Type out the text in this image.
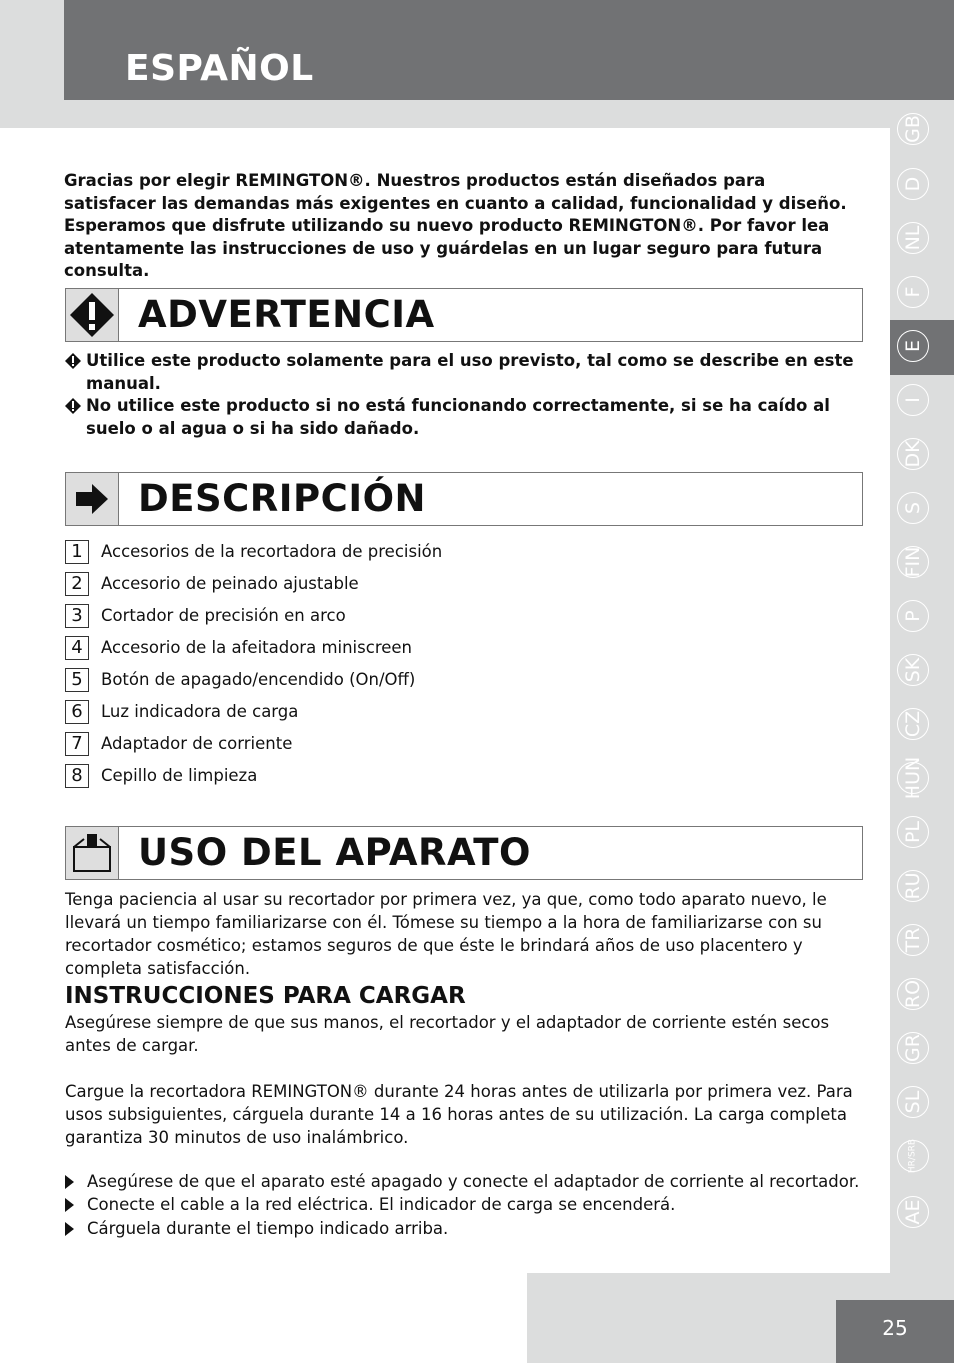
ESPAÑOL
GB
D
NL
F
E
I
DK
S
FIN
P
SK
CZ
HUN
PL
RU
TR
RO
GR
SL
HR/SRB
AE
Gracias por elegir REMINGTON®. Nuestros productos están diseñados para satisfacer las demandas más exigentes en cuanto a calidad, funcionalidad y diseño. Esperamos que disfrute utilizando su nuevo producto REMINGTON®. Por favor lea atentamente las instrucciones de uso y guárdelas en un lugar seguro para futura consulta.
ADVERTENCIA
Utilice este producto solamente para el uso previsto, tal como se describe en este manual.
No utilice este producto si no está funcionando correctamente, si se ha caído al suelo o al agua o si ha sido dañado.
DESCRIPCIÓN
1	Accesorios de la recortadora de precisión
2	Accesorio de peinado ajustable
3	Cortador de precisión en arco
4	Accesorio de la afeitadora miniscreen
5	Botón de apagado/encendido (On/Off)
6	Luz indicadora de carga
7	Adaptador de corriente
8	Cepillo de limpieza
USO DEL APARATO
Tenga paciencia al usar su recortador por primera vez, ya que, como todo aparato nuevo, le llevará un tiempo familiarizarse con él. Tómese su tiempo a la hora de familiarizarse con su recortador cosmético; estamos seguros de que éste le brindará años de uso placentero y completa satisfacción.
INSTRUCCIONES PARA CARGAR
Asegúrese siempre de que sus manos, el recortador y el adaptador de corriente estén secos antes de cargar.
Cargue la recortadora REMINGTON® durante 24 horas antes de utilizarla por primera vez. Para usos subsiguientes, cárguela durante 14 a 16 horas antes de su utilización. La carga completa garantiza 30 minutos de uso inalámbrico.
Asegúrese de que el aparato esté apagado y conecte el adaptador de corriente al recortador.
Conecte el cable a la red eléctrica. El indicador de carga se encenderá.
Cárguela durante el tiempo indicado arriba.
25
